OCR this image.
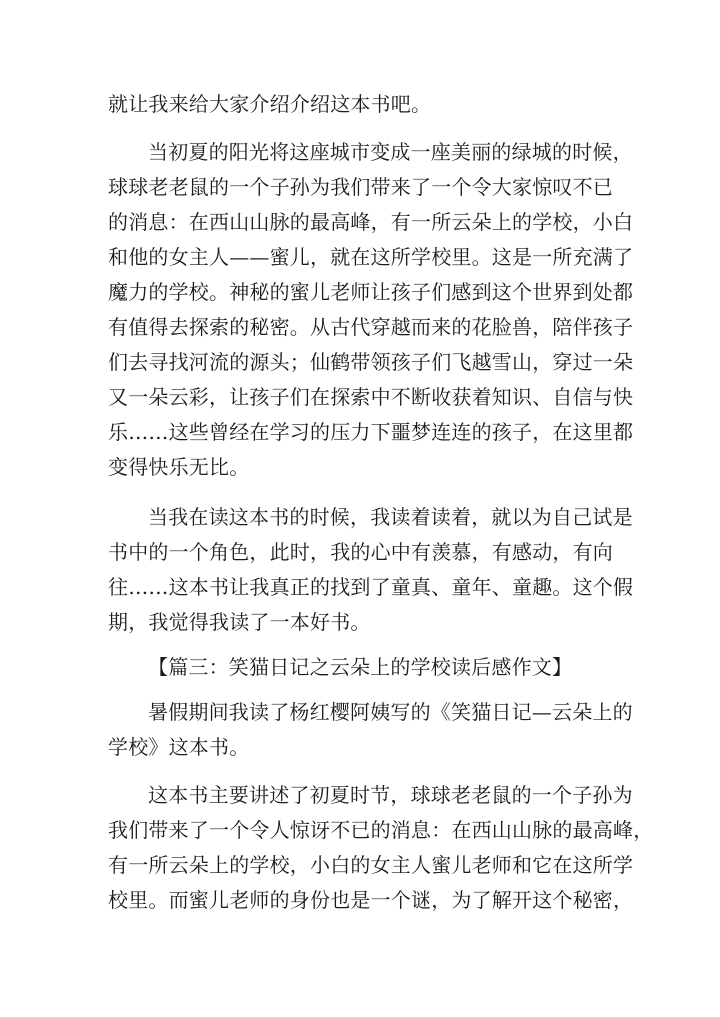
就让我来给大家介绍介绍这本书吧。
当初夏的阳光将这座城市变成一座美丽的绿城的时候，
球球老老鼠的一个子孙为我们带来了一个令大家惊叹不已
的消息：在西山山脉的最高峰，有一所云朵上的学校，小白
和他的女主人——蜜儿，就在这所学校里。这是一所充满了
魔力的学校。神秘的蜜儿老师让孩子们感到这个世界到处都
有值得去探索的秘密。从古代穿越而来的花脸兽，陪伴孩子
们去寻找河流的源头；仙鹤带领孩子们飞越雪山，穿过一朵
又一朵云彩，让孩子们在探索中不断收获着知识、自信与快
乐……这些曾经在学习的压力下噩梦连连的孩子，在这里都
变得快乐无比。
当我在读这本书的时候，我读着读着，就以为自己试是
书中的一个角色，此时，我的心中有羡慕，有感动，有向
往……这本书让我真正的找到了童真、童年、童趣。这个假
期，我觉得我读了一本好书。
【篇三：笑猫日记之云朵上的学校读后感作文】
暑假期间我读了杨红樱阿姨写的《笑猫日记—云朵上的
学校》这本书。
这本书主要讲述了初夏时节，球球老老鼠的一个子孙为
我们带来了一个令人惊讶不已的消息：在西山山脉的最高峰，
有一所云朵上的学校，小白的女主人蜜儿老师和它在这所学
校里。而蜜儿老师的身份也是一个谜，为了解开这个秘密，
